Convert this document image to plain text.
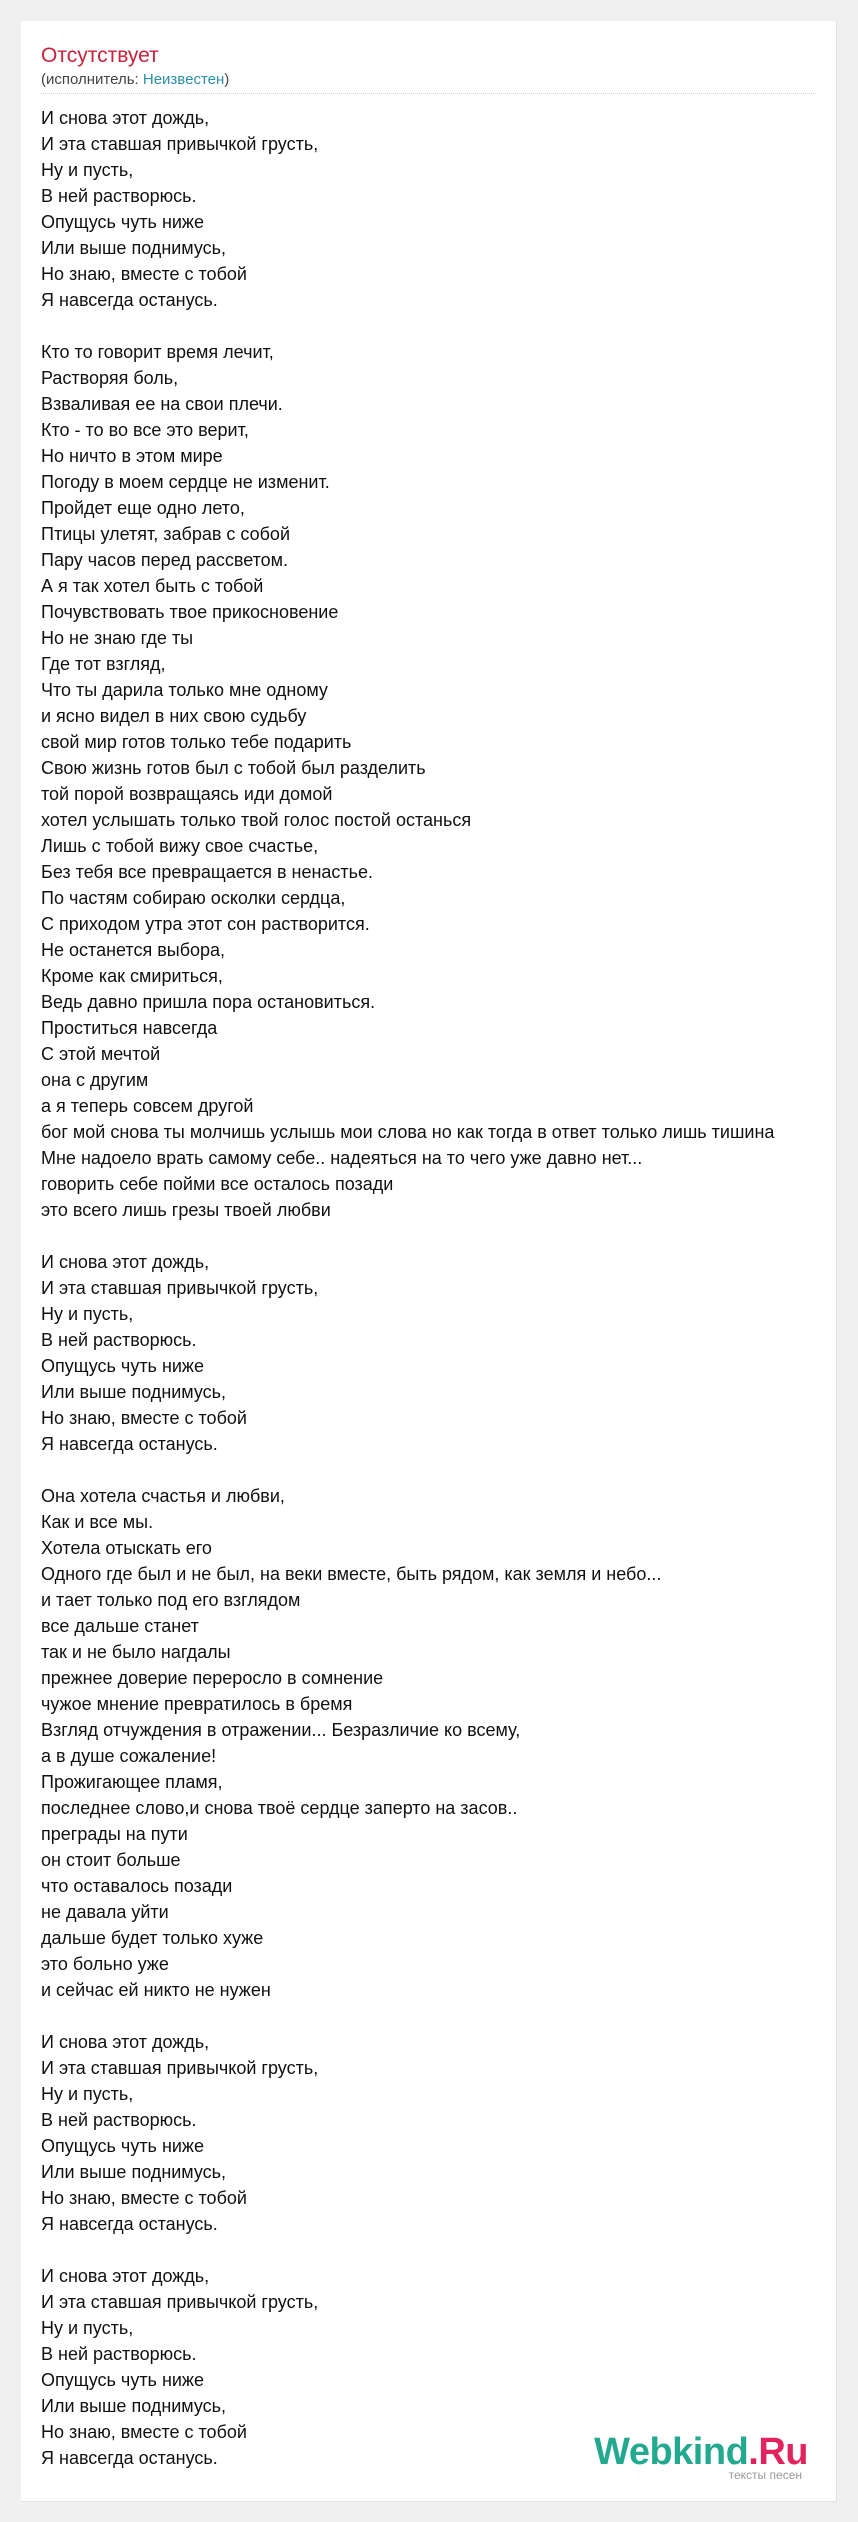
Отсутствует
(исполнитель: Неизвестен)
И снова этот дождь,
И эта ставшая привычкой грусть,
Ну и пусть,
В ней растворюсь.
Опущусь чуть ниже
Или выше поднимусь,
Но знаю, вместе с тобой
Я навсегда останусь.

Кто то говорит время лечит,
Растворяя боль,
Взваливая ее на свои плечи.
Кто - то во все это верит,
Но ничто в этом мире
Погоду в моем сердце не изменит.
Пройдет еще одно лето,
Птицы улетят, забрав с собой
Пару часов перед рассветом.
А я так хотел быть с тобой
Почувствовать твое прикосновение
Но не знаю где ты
Где тот взгляд,
Что ты дарила только мне одному
и ясно видел в них свою судьбу
свой мир готов только тебе подарить
Свою жизнь готов был с тобой был разделить
той порой возвращаясь иди домой
хотел услышать только твой голос постой останься
Лишь с тобой вижу свое счастье,
Без тебя все превращается в ненастье.
По частям собираю осколки сердца,
С приходом утра этот сон растворится.
Не останется выбора,
Кроме как смириться,
Ведь давно пришла пора остановиться.
Проститься навсегда
С этой мечтой
она с другим
а я теперь совсем другой
бог мой снова ты молчишь услышь мои слова но как тогда в ответ только лишь тишина
Мне надоело врать самому себе.. надеяться на то чего уже давно нет...
говорить себе пойми все осталось позади
это всего лишь грезы твоей любви

И снова этот дождь,
И эта ставшая привычкой грусть,
Ну и пусть,
В ней растворюсь.
Опущусь чуть ниже
Или выше поднимусь,
Но знаю, вместе с тобой
Я навсегда останусь.

Она хотела счастья и любви,
Как и все мы.
Хотела отыскать его
Одного где был и не был, на веки вместе, быть рядом, как земля и небо...
и тает только под его взглядом
все дальше станет
так и не было нагдалы
прежнее доверие переросло в сомнение
чужое мнение превратилось в бремя
Взгляд отчуждения в отражении... Безразличие ко всему,
а в душе сожаление!
Прожигающее пламя,
последнее слово,и снова твоё сердце заперто на засов..
преграды на пути
он стоит больше
что оставалось позади
не давала уйти
дальше будет только хуже
это больно уже
и сейчас ей никто не нужен

И снова этот дождь,
И эта ставшая привычкой грусть,
Ну и пусть,
В ней растворюсь.
Опущусь чуть ниже
Или выше поднимусь,
Но знаю, вместе с тобой
Я навсегда останусь.

И снова этот дождь,
И эта ставшая привычкой грусть,
Ну и пусть,
В ней растворюсь.
Опущусь чуть ниже
Или выше поднимусь,
Но знаю, вместе с тобой
Я навсегда останусь.	Webkind.Ru
тексты песен
